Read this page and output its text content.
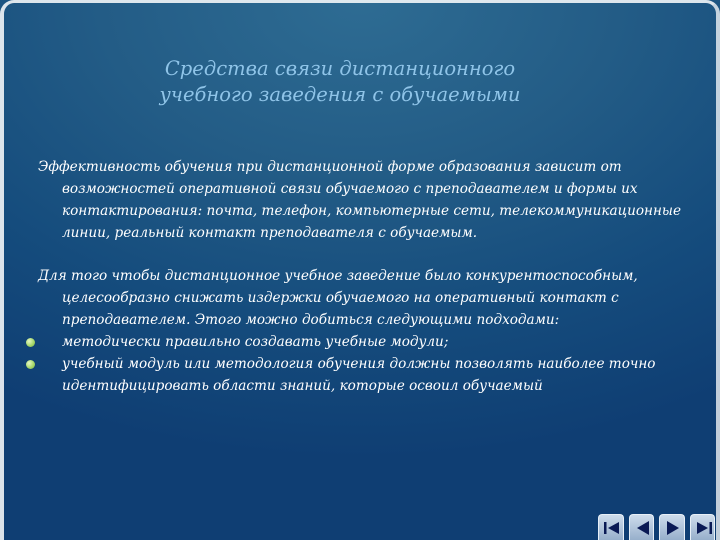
Средства связи дистанционного учебного заведения с обучаемыми

Эффективность обучения при дистанционной форме образования зависит от возможностей оперативной связи обучаемого с преподавателем и формы их контактирования: почта, телефон, компьютерные сети, телекоммуникационные линии, реальный контакт преподавателя с обучаемым.

Для того чтобы дистанционное учебное заведение было конкурентоспособным, целесообразно снижать издержки обучаемого на оперативный контакт с преподавателем. Этого можно добиться следующими подходами:

методически правильно создавать учебные модули;

учебный модуль или методология обучения должны позволять наиболее точно идентифицировать области знаний, которые освоил обучаемый
